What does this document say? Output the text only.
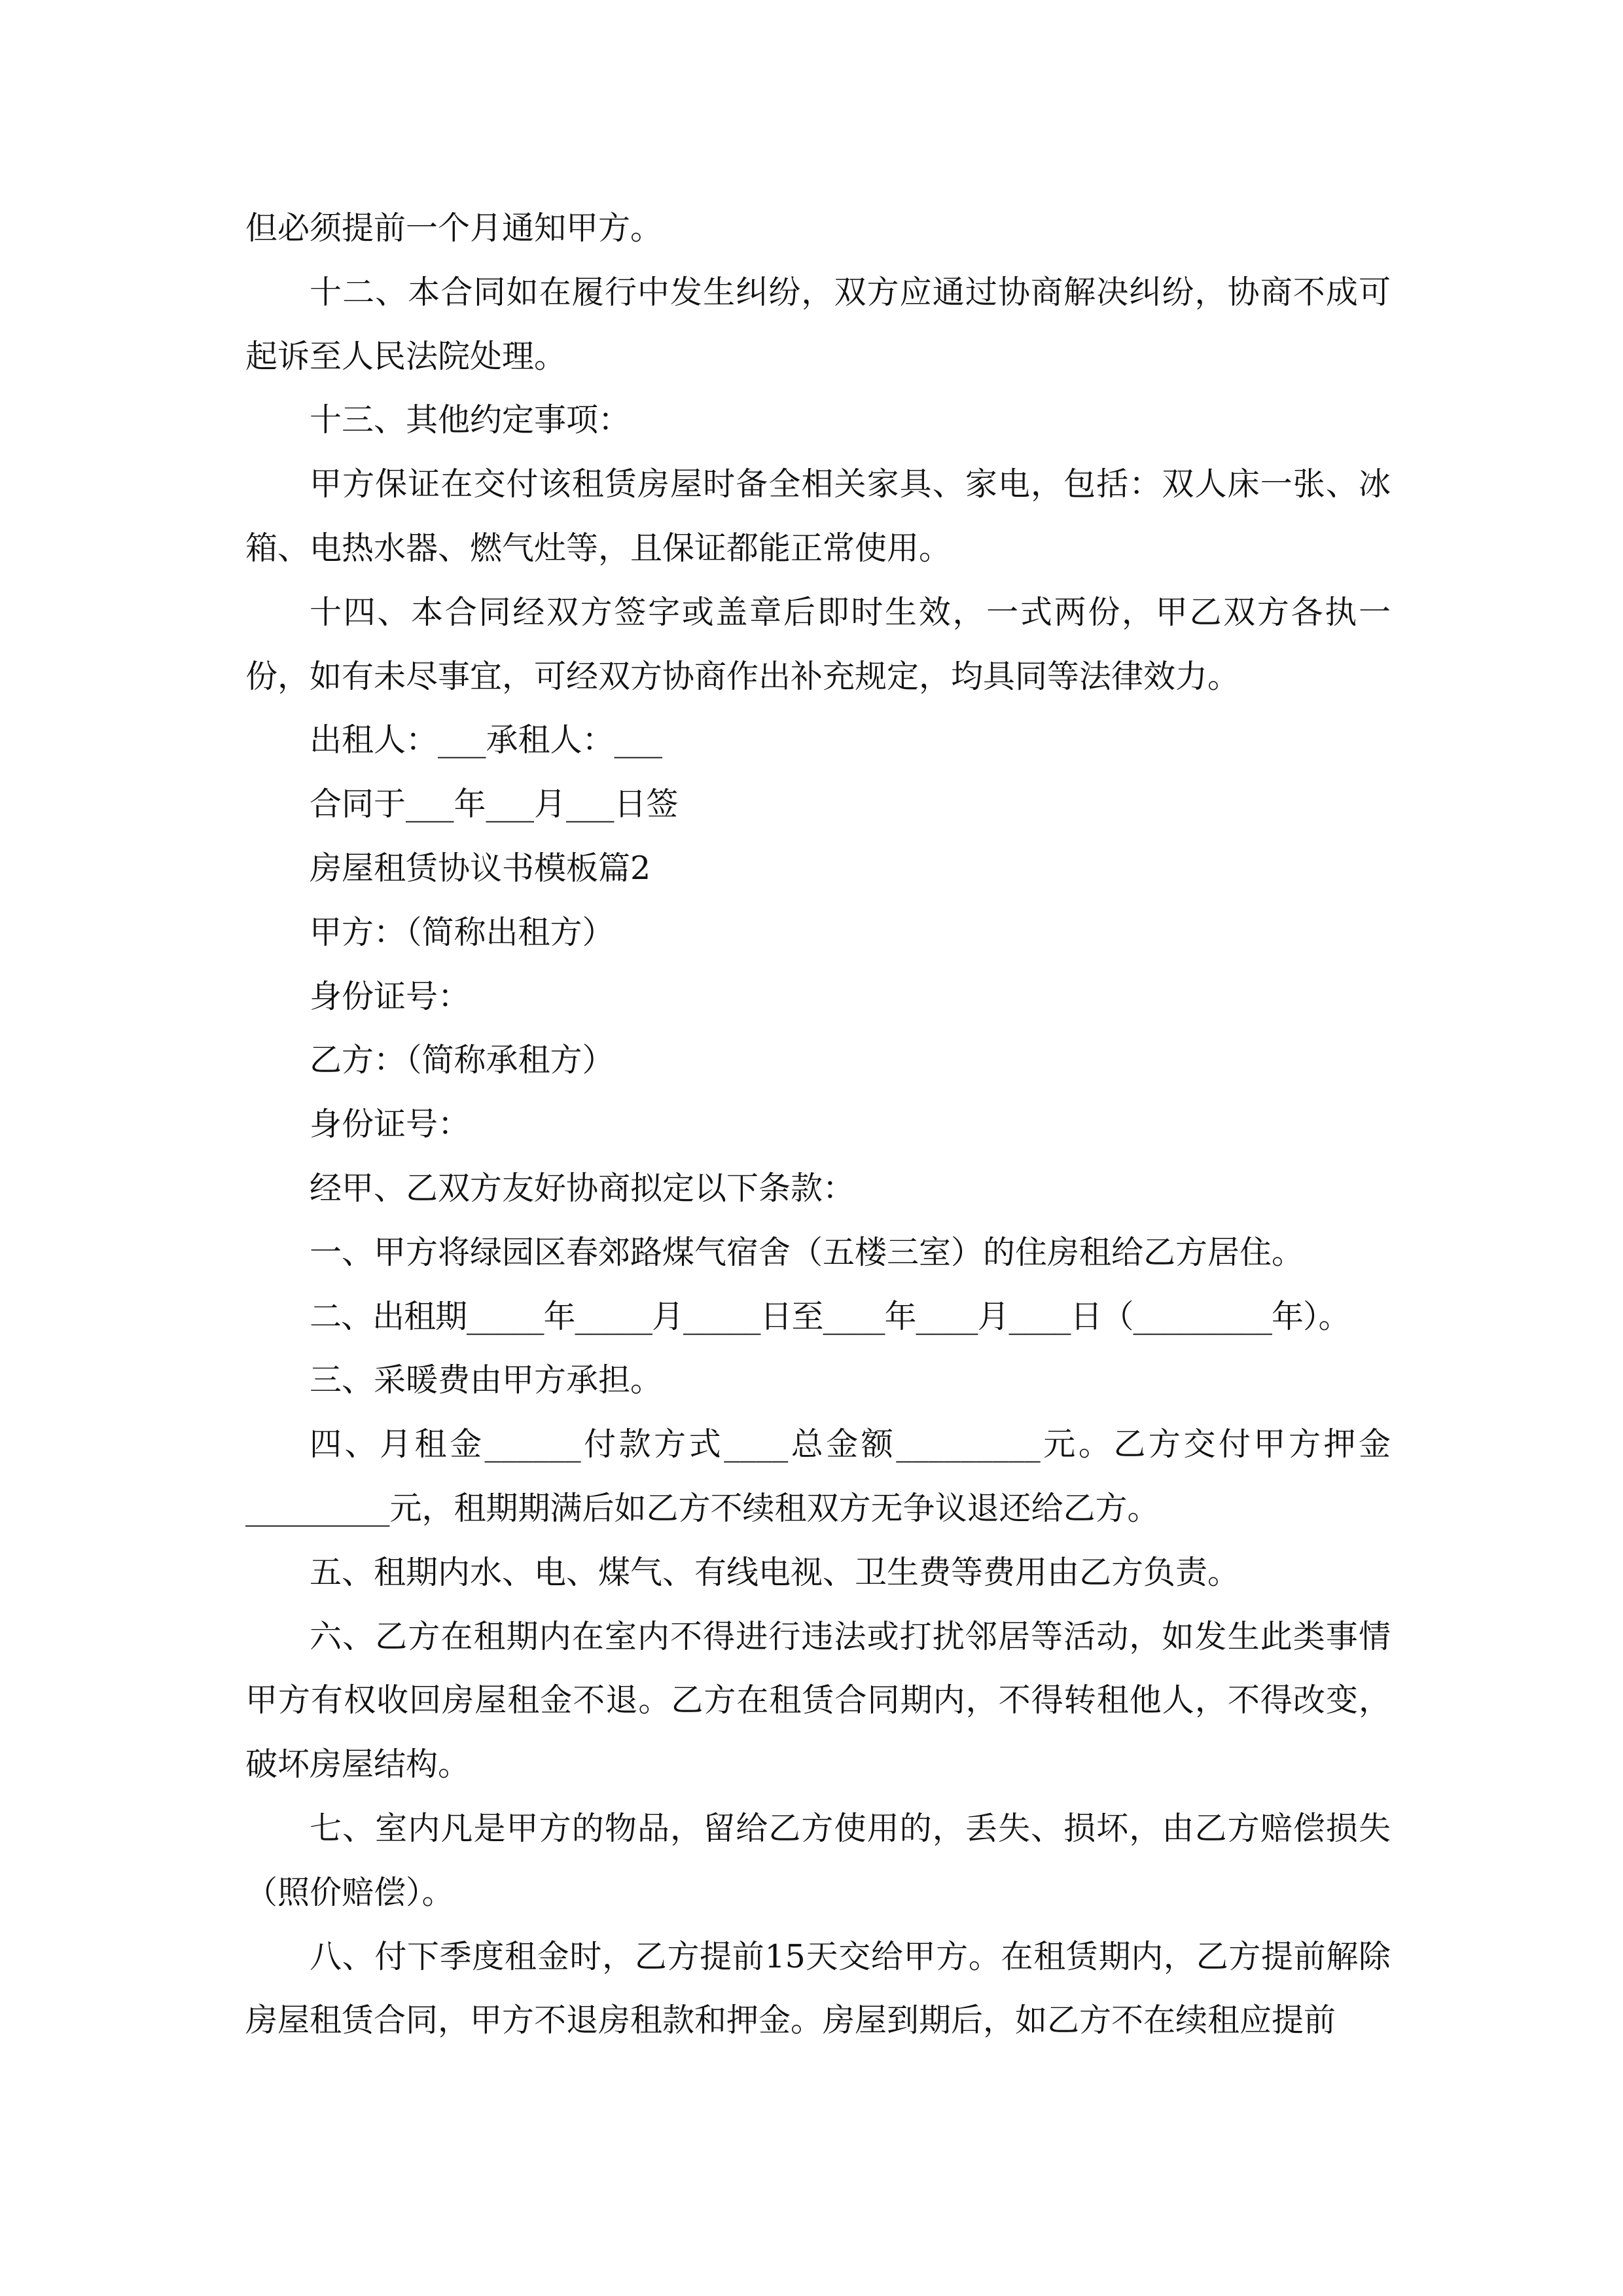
但必须提前一个月通知甲方。

十二、本合同如在履行中发生纠纷，双方应通过协商解决纠纷，协商不成可起诉至人民法院处理。

十三、其他约定事项：

甲方保证在交付该租赁房屋时备全相关家具、家电，包括：双人床一张、冰箱、电热水器、燃气灶等，且保证都能正常使用。

十四、本合同经双方签字或盖章后即时生效，一式两份，甲乙双方各执一份，如有未尽事宜，可经双方协商作出补充规定，均具同等法律效力。

出租人：___承租人：___

合同于___年___月___日签

房屋租赁协议书模板篇2

甲方：（简称出租方）

身份证号：

乙方：（简称承租方）

身份证号：

经甲、乙双方友好协商拟定以下条款：

一、甲方将绿园区春郊路煤气宿舍（五楼三室）的住房租给乙方居住。

二、出租期_____年_____月_____日至____年____月____日（_________年）。

三、采暖费由甲方承担。

四、月租金______付款方式____总金额_________元。乙方交付甲方押金_________元，租期期满后如乙方不续租双方无争议退还给乙方。

五、租期内水、电、煤气、有线电视、卫生费等费用由乙方负责。

六、乙方在租期内在室内不得进行违法或打扰邻居等活动，如发生此类事情甲方有权收回房屋租金不退。乙方在租赁合同期内，不得转租他人，不得改变，破坏房屋结构。

七、室内凡是甲方的物品，留给乙方使用的，丢失、损坏，由乙方赔偿损失（照价赔偿）。

八、付下季度租金时，乙方提前15天交给甲方。在租赁期内，乙方提前解除房屋租赁合同，甲方不退房租款和押金。房屋到期后，如乙方不在续租应提前
